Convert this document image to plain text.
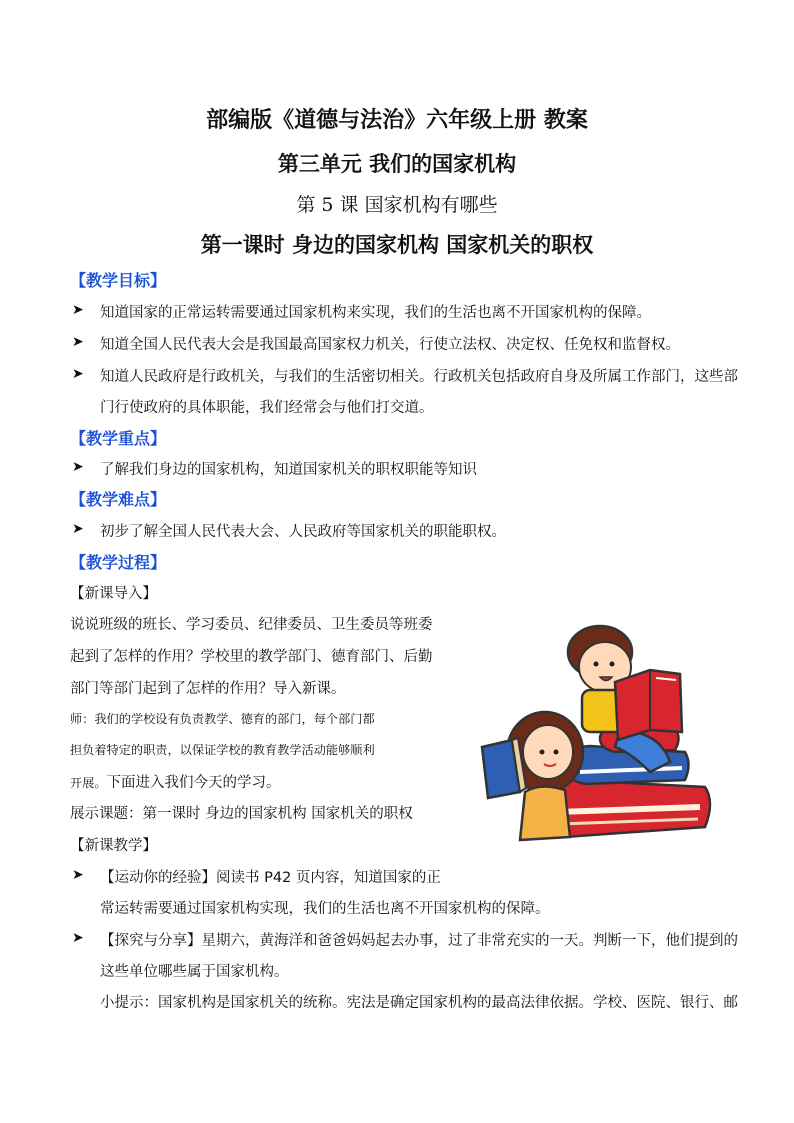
部编版《道德与法治》六年级上册 教案
第三单元 我们的国家机构
第 5 课 国家机构有哪些
第一课时 身边的国家机构 国家机关的职权
【教学目标】
➤ 知道国家的正常运转需要通过国家机构来实现，我们的生活也离不开国家机构的保障。
➤ 知道全国人民代表大会是我国最高国家权力机关，行使立法权、决定权、任免权和监督权。
➤ 知道人民政府是行政机关，与我们的生活密切相关。行政机关包括政府自身及所属工作部门，这些部
门行使政府的具体职能，我们经常会与他们打交道。
【教学重点】
➤ 了解我们身边的国家机构，知道国家机关的职权职能等知识
【教学难点】
➤ 初步了解全国人民代表大会、人民政府等国家机关的职能职权。
【教学过程】
【新课导入】
说说班级的班长、学习委员、纪律委员、卫生委员等班委
起到了怎样的作用？学校里的教学部门、德育部门、后勤
部门等部门起到了怎样的作用？导入新课。
师：我们的学校设有负责教学、德育的部门，每个部门都
担负着特定的职责，以保证学校的教育教学活动能够顺利
开展。下面进入我们今天的学习。
展示课题：第一课时 身边的国家机构 国家机关的职权
【新课教学】
➤ 【运动你的经验】阅读书 P42 页内容，知道国家的正
常运转需要通过国家机构实现，我们的生活也离不开国家机构的保障。
➤ 【探究与分享】星期六，黄海洋和爸爸妈妈起去办事，过了非常充实的一天。判断一下，他们提到的
这些单位哪些属于国家机构。
小提示：国家机构是国家机关的统称。宪法是确定国家机构的最高法律依据。学校、医院、银行、邮
